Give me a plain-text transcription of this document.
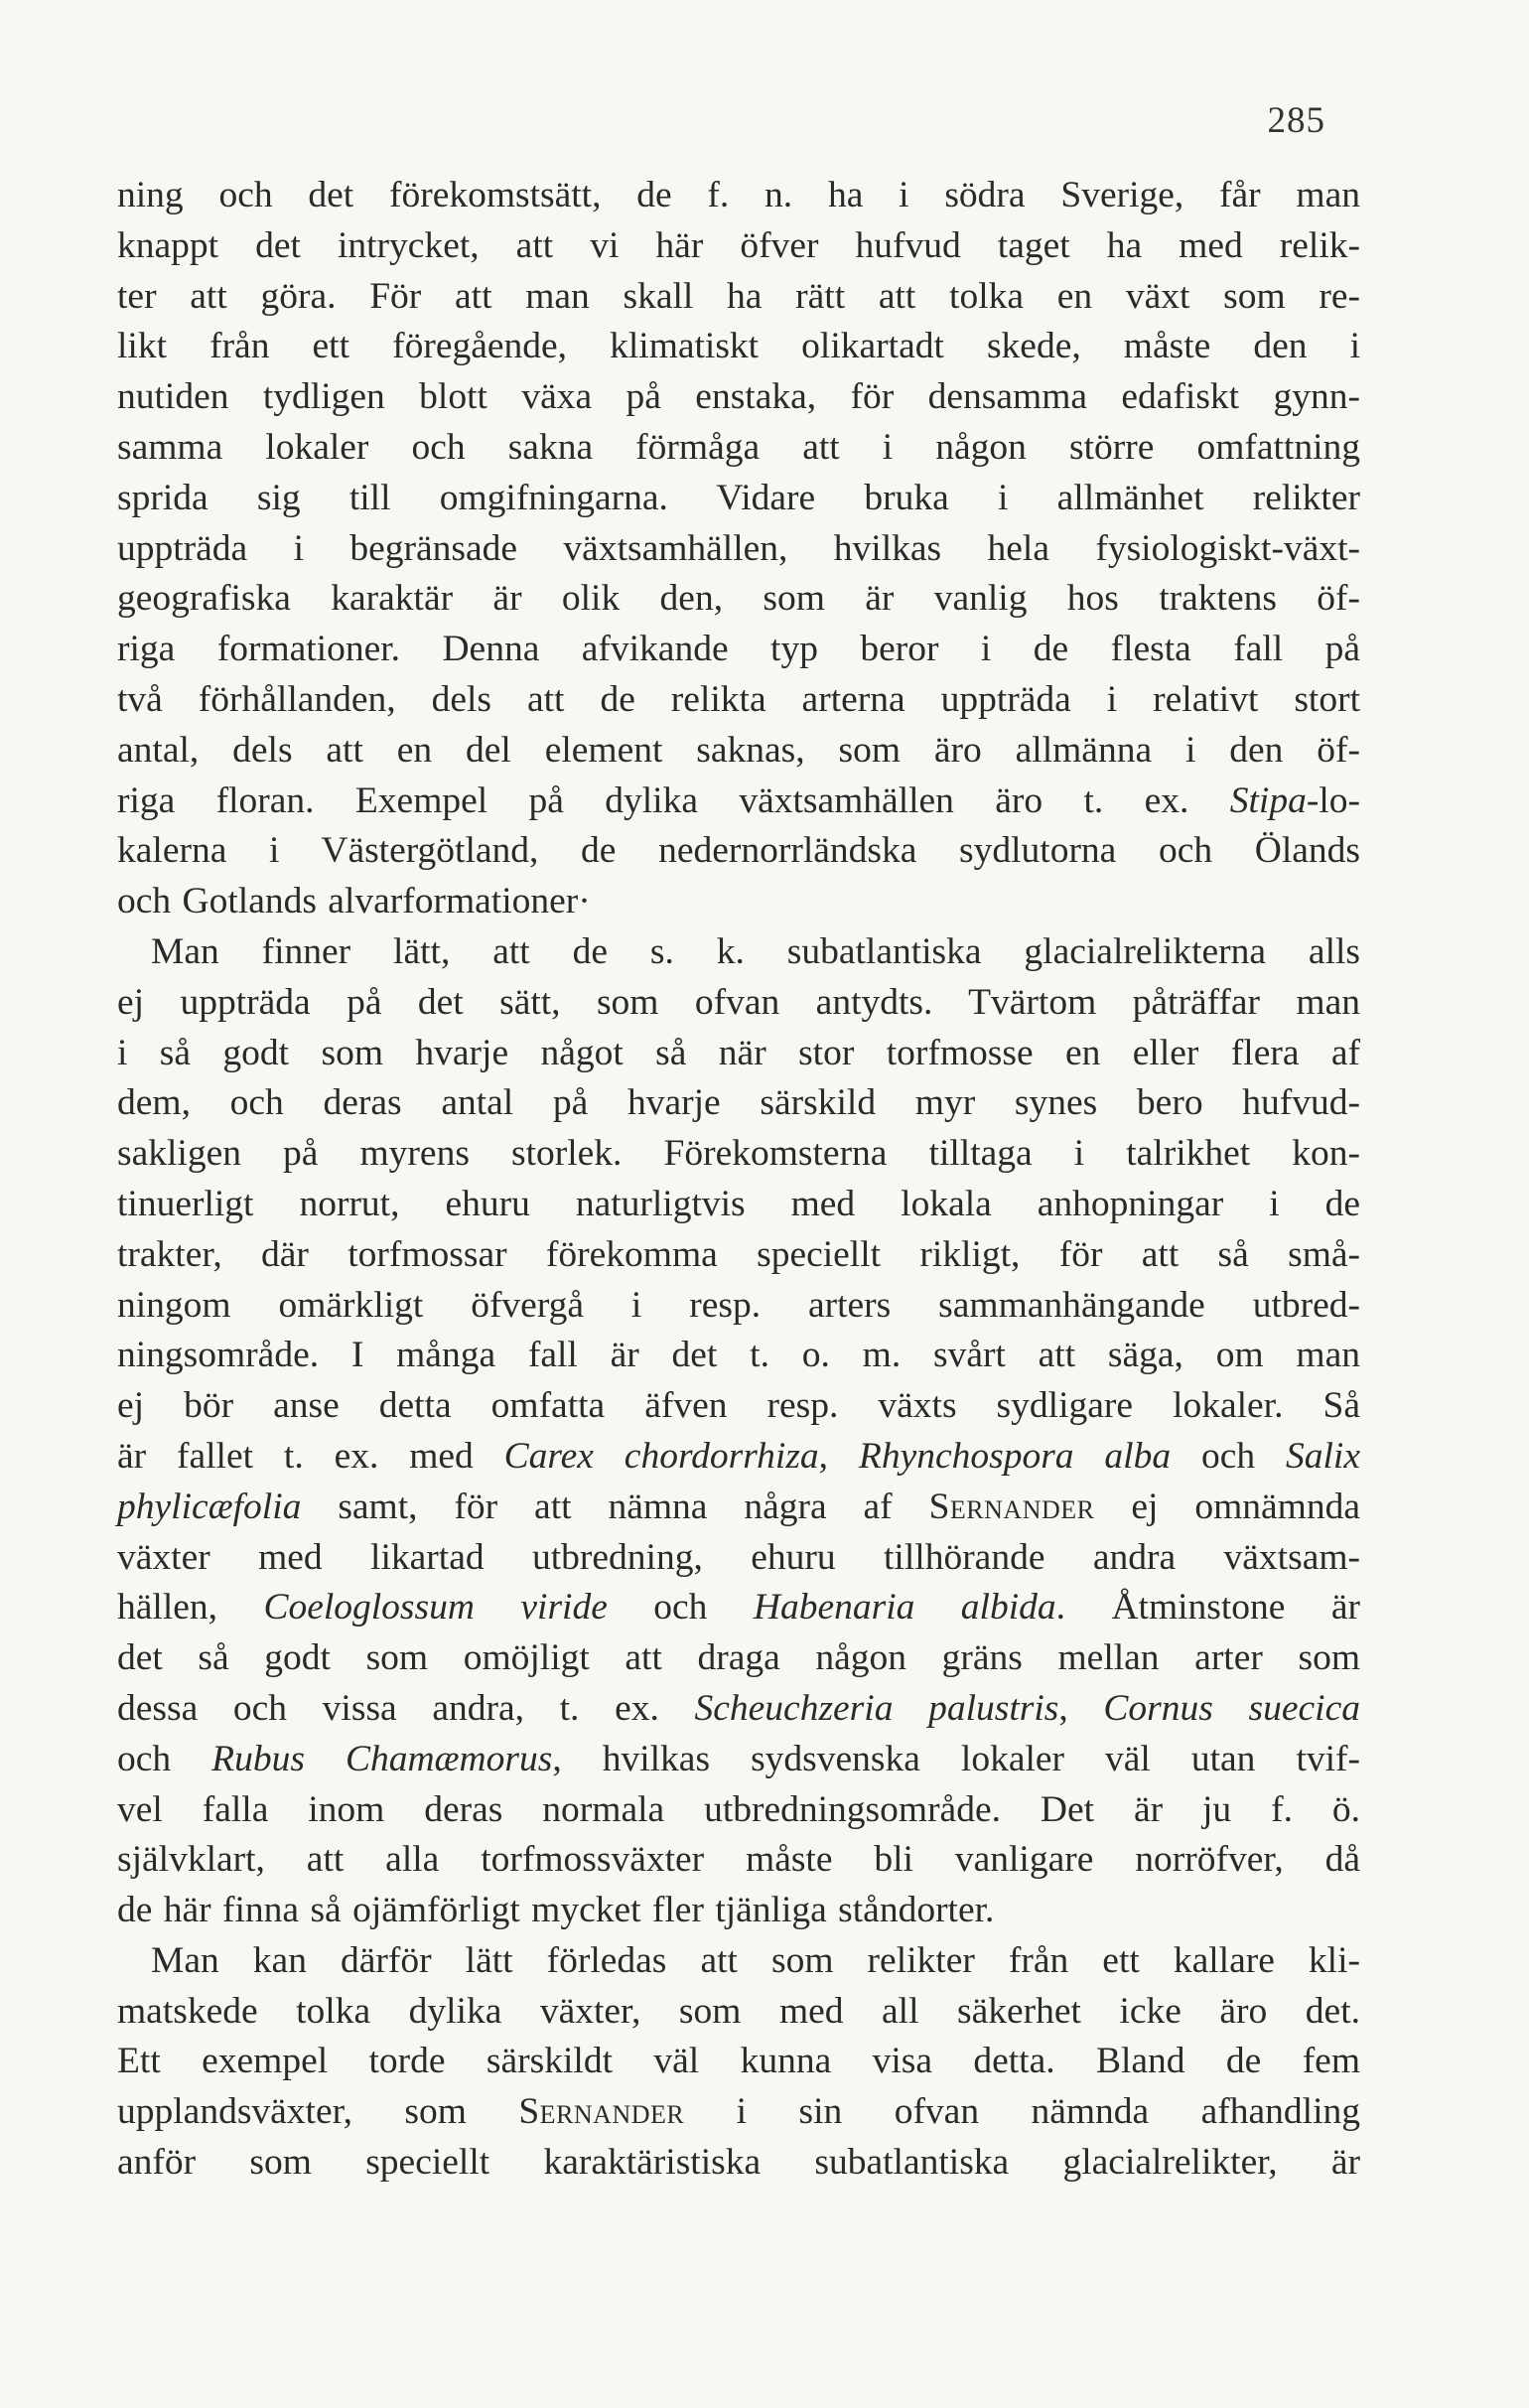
285
ning och det förekomstsätt, de f. n. ha i södra Sverige, får man
knappt det intrycket, att vi här öfver hufvud taget ha med relik-
ter att göra. För att man skall ha rätt att tolka en växt som re-
likt från ett föregående, klimatiskt olikartadt skede, måste den i
nutiden tydligen blott växa på enstaka, för densamma edafiskt gynn-
samma lokaler och sakna förmåga att i någon större omfattning
sprida sig till omgifningarna. Vidare bruka i allmänhet relikter
uppträda i begränsade växtsamhällen, hvilkas hela fysiologiskt-växt-
geografiska karaktär är olik den, som är vanlig hos traktens öf-
riga formationer. Denna afvikande typ beror i de flesta fall på
två förhållanden, dels att de relikta arterna uppträda i relativt stort
antal, dels att en del element saknas, som äro allmänna i den öf-
riga floran. Exempel på dylika växtsamhällen äro t. ex. Stipa-lo-
kalerna i Västergötland, de nedernorrländska sydlutorna och Ölands
och Gotlands alvarformationer·
Man finner lätt, att de s. k. subatlantiska glacialrelikterna alls
ej uppträda på det sätt, som ofvan antydts. Tvärtom påträffar man
i så godt som hvarje något så när stor torfmosse en eller flera af
dem, och deras antal på hvarje särskild myr synes bero hufvud-
sakligen på myrens storlek. Förekomsterna tilltaga i talrikhet kon-
tinuerligt norrut, ehuru naturligtvis med lokala anhopningar i de
trakter, där torfmossar förekomma speciellt rikligt, för att så små-
ningom omärkligt öfvergå i resp. arters sammanhängande utbred-
ningsområde. I många fall är det t. o. m. svårt att säga, om man
ej bör anse detta omfatta äfven resp. växts sydligare lokaler. Så
är fallet t. ex. med Carex chordorrhiza, Rhynchospora alba och Salix
phylicæfolia samt, för att nämna några af Sernander ej omnämnda
växter med likartad utbredning, ehuru tillhörande andra växtsam-
hällen, Coeloglossum viride och Habenaria albida. Åtminstone är
det så godt som omöjligt att draga någon gräns mellan arter som
dessa och vissa andra, t. ex. Scheuchzeria palustris, Cornus suecica
och Rubus Chamæmorus, hvilkas sydsvenska lokaler väl utan tvif-
vel falla inom deras normala utbredningsområde. Det är ju f. ö.
självklart, att alla torfmossväxter måste bli vanligare norröfver, då
de här finna så ojämförligt mycket fler tjänliga ståndorter.
Man kan därför lätt förledas att som relikter från ett kallare kli-
matskede tolka dylika växter, som med all säkerhet icke äro det.
Ett exempel torde särskildt väl kunna visa detta. Bland de fem
upplandsväxter, som Sernander i sin ofvan nämnda afhandling
anför som speciellt karaktäristiska subatlantiska glacialrelikter, är
